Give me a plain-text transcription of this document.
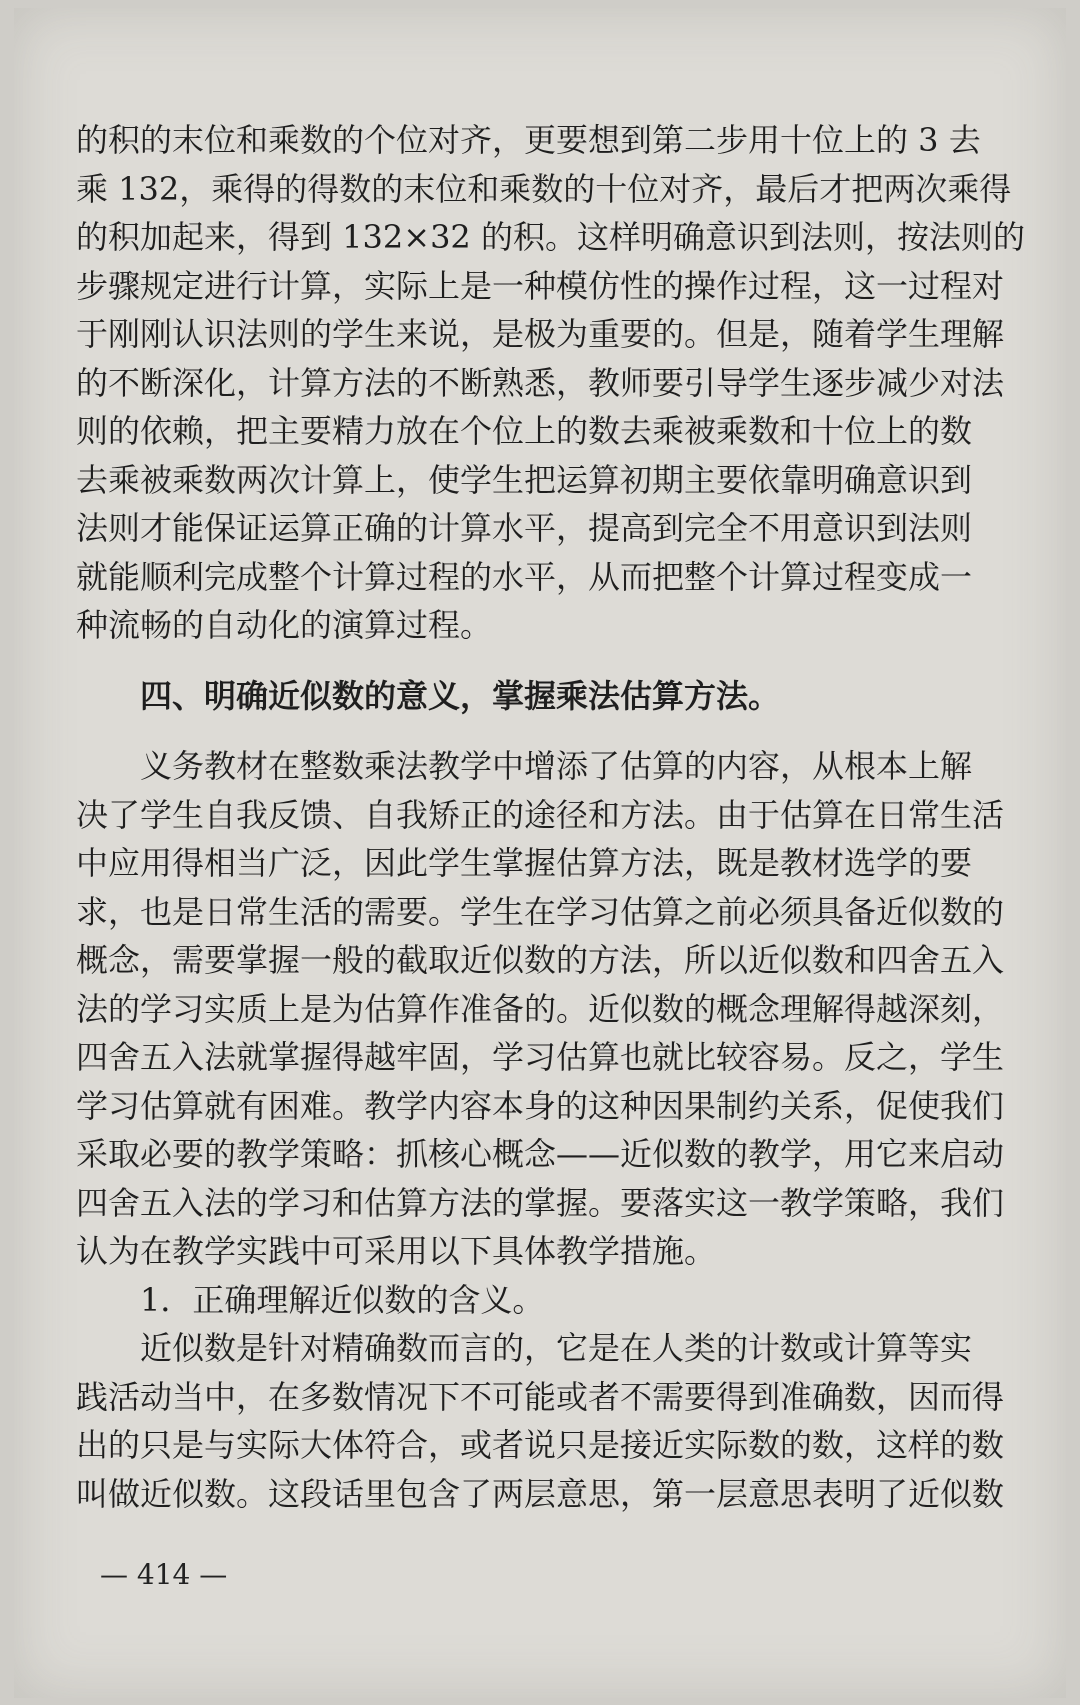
的积的末位和乘数的个位对齐，更要想到第二步用十位上的 3 去
乘 132，乘得的得数的末位和乘数的十位对齐，最后才把两次乘得
的积加起来，得到 132×32 的积。这样明确意识到法则，按法则的
步骤规定进行计算，实际上是一种模仿性的操作过程，这一过程对
于刚刚认识法则的学生来说，是极为重要的。但是，随着学生理解
的不断深化，计算方法的不断熟悉，教师要引导学生逐步减少对法
则的依赖，把主要精力放在个位上的数去乘被乘数和十位上的数
去乘被乘数两次计算上，使学生把运算初期主要依靠明确意识到
法则才能保证运算正确的计算水平，提高到完全不用意识到法则
就能顺利完成整个计算过程的水平，从而把整个计算过程变成一
种流畅的自动化的演算过程。
四、明确近似数的意义，掌握乘法估算方法。
义务教材在整数乘法教学中增添了估算的内容，从根本上解
决了学生自我反馈、自我矫正的途径和方法。由于估算在日常生活
中应用得相当广泛，因此学生掌握估算方法，既是教材选学的要
求，也是日常生活的需要。学生在学习估算之前必须具备近似数的
概念，需要掌握一般的截取近似数的方法，所以近似数和四舍五入
法的学习实质上是为估算作准备的。近似数的概念理解得越深刻，
四舍五入法就掌握得越牢固，学习估算也就比较容易。反之，学生
学习估算就有困难。教学内容本身的这种因果制约关系，促使我们
采取必要的教学策略：抓核心概念——近似数的教学，用它来启动
四舍五入法的学习和估算方法的掌握。要落实这一教学策略，我们
认为在教学实践中可采用以下具体教学措施。
1．正确理解近似数的含义。
近似数是针对精确数而言的，它是在人类的计数或计算等实
践活动当中，在多数情况下不可能或者不需要得到准确数，因而得
出的只是与实际大体符合，或者说只是接近实际数的数，这样的数
叫做近似数。这段话里包含了两层意思，第一层意思表明了近似数
— 414 —
